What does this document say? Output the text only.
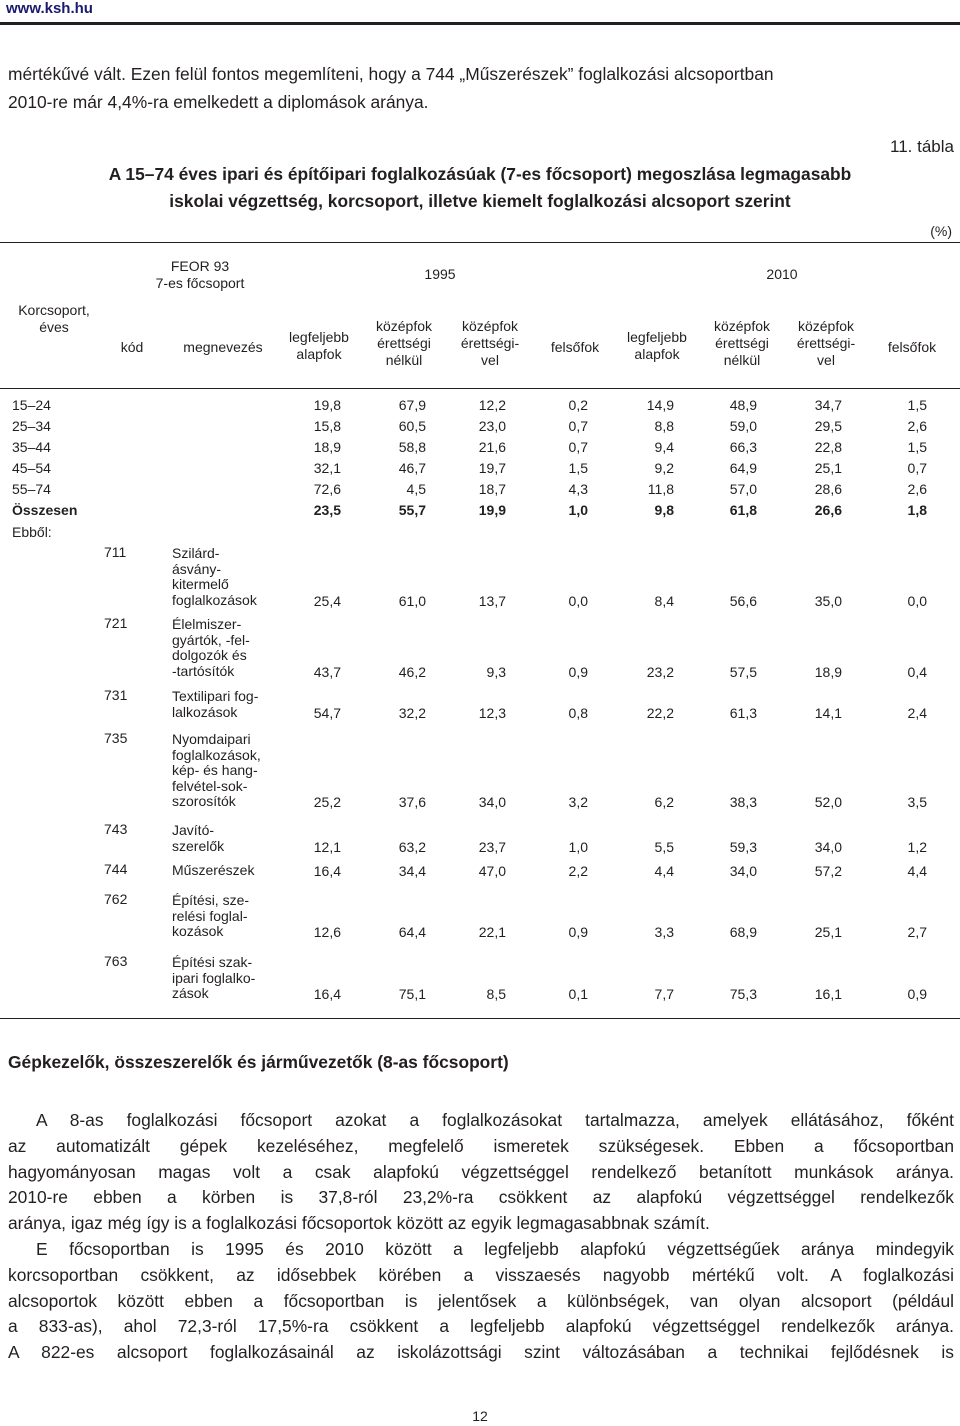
www.ksh.hu
mértékűvé vált. Ezen felül fontos megemlíteni, hogy a 744 „Műszerészek” foglalkozási alcsoportban
2010-re már 4,4%-ra emelkedett a diplomások aránya.
11. tábla
A 15–74 éves ipari és építőipari foglalkozásúak (7-es főcsoport) megoszlása legmagasabb
iskolai végzettség, korcsoport, illetve kiemelt foglalkozási alcsoport szerint
(%)
Korcsoport,
éves
FEOR 93
7-es főcsoport
kód	megnevezés
1995	2010
legfeljebb
alapfok
középfok
érettségi
nélkül
középfok
érettségi-
vel
felsőfok
legfeljebb
alapfok
középfok
érettségi
nélkül
középfok
érettségi-
vel
felsőfok
15–24	19,8	67,9	12,2	0,2	14,9	48,9	34,7	1,5
25–34	15,8	60,5	23,0	0,7	8,8	59,0	29,5	2,6
35–44	18,9	58,8	21,6	0,7	9,4	66,3	22,8	1,5
45–54	32,1	46,7	19,7	1,5	9,2	64,9	25,1	0,7
55–74	72,6	4,5	18,7	4,3	11,8	57,0	28,6	2,6
Összesen	23,5	55,7	19,9	1,0	9,8	61,8	26,6	1,8
Ebből:
711	Szilárd-
ásvány-
kitermelő
foglalkozások	25,4	61,0	13,7	0,0	8,4	56,6	35,0	0,0
721	Élelmiszer-
gyártók, -fel-
dolgozók és
-tartósítók	43,7	46,2	9,3	0,9	23,2	57,5	18,9	0,4
731	Textilipari fog-
lalkozások	54,7	32,2	12,3	0,8	22,2	61,3	14,1	2,4
735	Nyomdaipari
foglalkozások,
kép- és hang-
felvétel-sok-
szorosítók	25,2	37,6	34,0	3,2	6,2	38,3	52,0	3,5
743	Javító-
szerelők	12,1	63,2	23,7	1,0	5,5	59,3	34,0	1,2
744	Műszerészek	16,4	34,4	47,0	2,2	4,4	34,0	57,2	4,4
762	Építési, sze-
relési foglal-
kozások	12,6	64,4	22,1	0,9	3,3	68,9	25,1	2,7
763	Építési szak-
ipari foglalko-
zások	16,4	75,1	8,5	0,1	7,7	75,3	16,1	0,9
Gépkezelők, összeszerelők és járművezetők (8-as főcsoport)
A 8-as foglalkozási főcsoport azokat a foglalkozásokat tartalmazza, amelyek ellátásához, főként
az automatizált gépek kezeléséhez, megfelelő ismeretek szükségesek. Ebben a főcsoportban
hagyományosan magas volt a csak alapfokú végzettséggel rendelkező betanított munkások aránya.
2010-re ebben a körben is 37,8-ról 23,2%-ra csökkent az alapfokú végzettséggel rendelkezők
aránya, igaz még így is a foglalkozási főcsoportok között az egyik legmagasabbnak számít.
E főcsoportban is 1995 és 2010 között a legfeljebb alapfokú végzettségűek aránya mindegyik
korcsoportban csökkent, az idősebbek körében a visszaesés nagyobb mértékű volt. A foglalkozási
alcsoportok között ebben a főcsoportban is jelentősek a különbségek, van olyan alcsoport (például
a 833-as), ahol 72,3-ról 17,5%-ra csökkent a legfeljebb alapfokú végzettséggel rendelkezők aránya.
A 822-es alcsoport foglalkozásainál az iskolázottsági szint változásában a technikai fejlődésnek is
12
